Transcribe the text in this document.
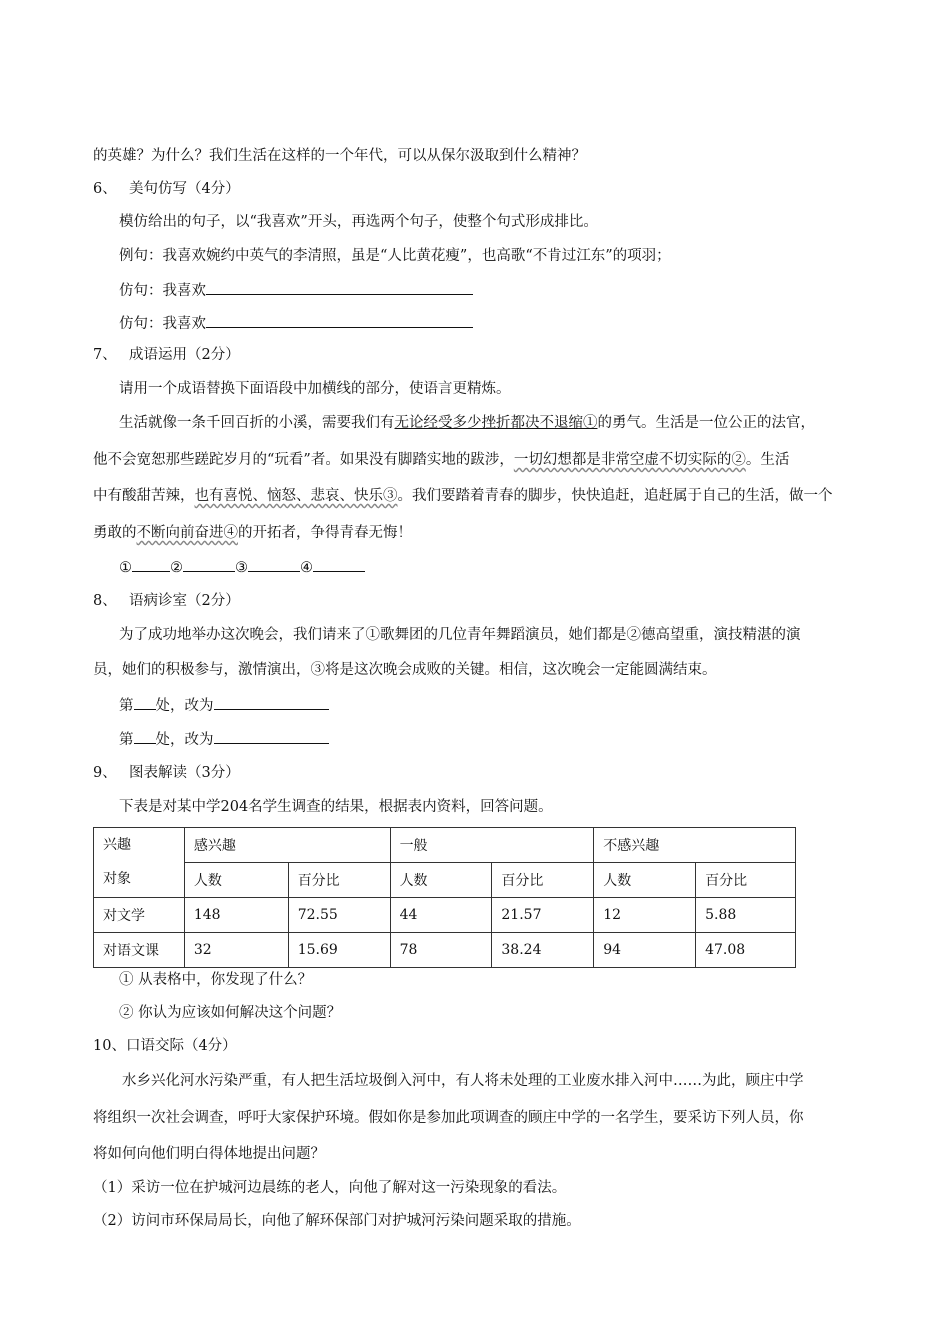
的英雄？为什么？我们生活在这样的一个年代，可以从保尔汲取到什么精神？
6、 美句仿写（4分）
模仿给出的句子，以“我喜欢”开头，再选两个句子，使整个句式形成排比。
例句：我喜欢婉约中英气的李清照，虽是“人比黄花瘦”，也高歌“不肯过江东”的项羽；
仿句：我喜欢
仿句：我喜欢
7、 成语运用（2分）
请用一个成语替换下面语段中加横线的部分，使语言更精炼。
生活就像一条千回百折的小溪，需要我们有无论经受多少挫折都决不退缩①的勇气。生活是一位公正的法官，
他不会宽恕那些蹉跎岁月的“玩看”者。如果没有脚踏实地的跋涉，一切幻想都是非常空虚不切实际的②。生活
中有酸甜苦辣，也有喜悦、恼怒、悲哀、快乐③。我们要踏着青春的脚步，快快追赶，追赶属于自己的生活，做一个
勇敢的不断向前奋进④的开拓者，争得青春无悔！
①	②	③	④
8、 语病诊室（2分）
为了成功地举办这次晚会，我们请来了①歌舞团的几位青年舞蹈演员，她们都是②德高望重，演技精湛的演
员，她们的积极参与，激情演出，③将是这次晚会成败的关键。相信，这次晚会一定能圆满结束。
第 处，改为
第 处，改为
9、 图表解读（3分）
下表是对某中学204名学生调查的结果，根据表内资料，回答问题。
兴趣
对象	感兴趣		一般		不感兴趣	
	人数	百分比	人数	百分比	人数	百分比
对文学	148	72.55	44	21.57	12	5.88
对语文课	32	15.69	78	38.24	94	47.08
① 从表格中，你发现了什么？
② 你认为应该如何解决这个问题？
10、口语交际（4分）
水乡兴化河水污染严重，有人把生活垃圾倒入河中，有人将未处理的工业废水排入河中……为此，顾庄中学
将组织一次社会调查，呼吁大家保护环境。假如你是参加此项调查的顾庄中学的一名学生，要采访下列人员，你
将如何向他们明白得体地提出问题？
（1）采访一位在护城河边晨练的老人，向他了解对这一污染现象的看法。
（2）访问市环保局局长，向他了解环保部门对护城河污染问题采取的措施。
